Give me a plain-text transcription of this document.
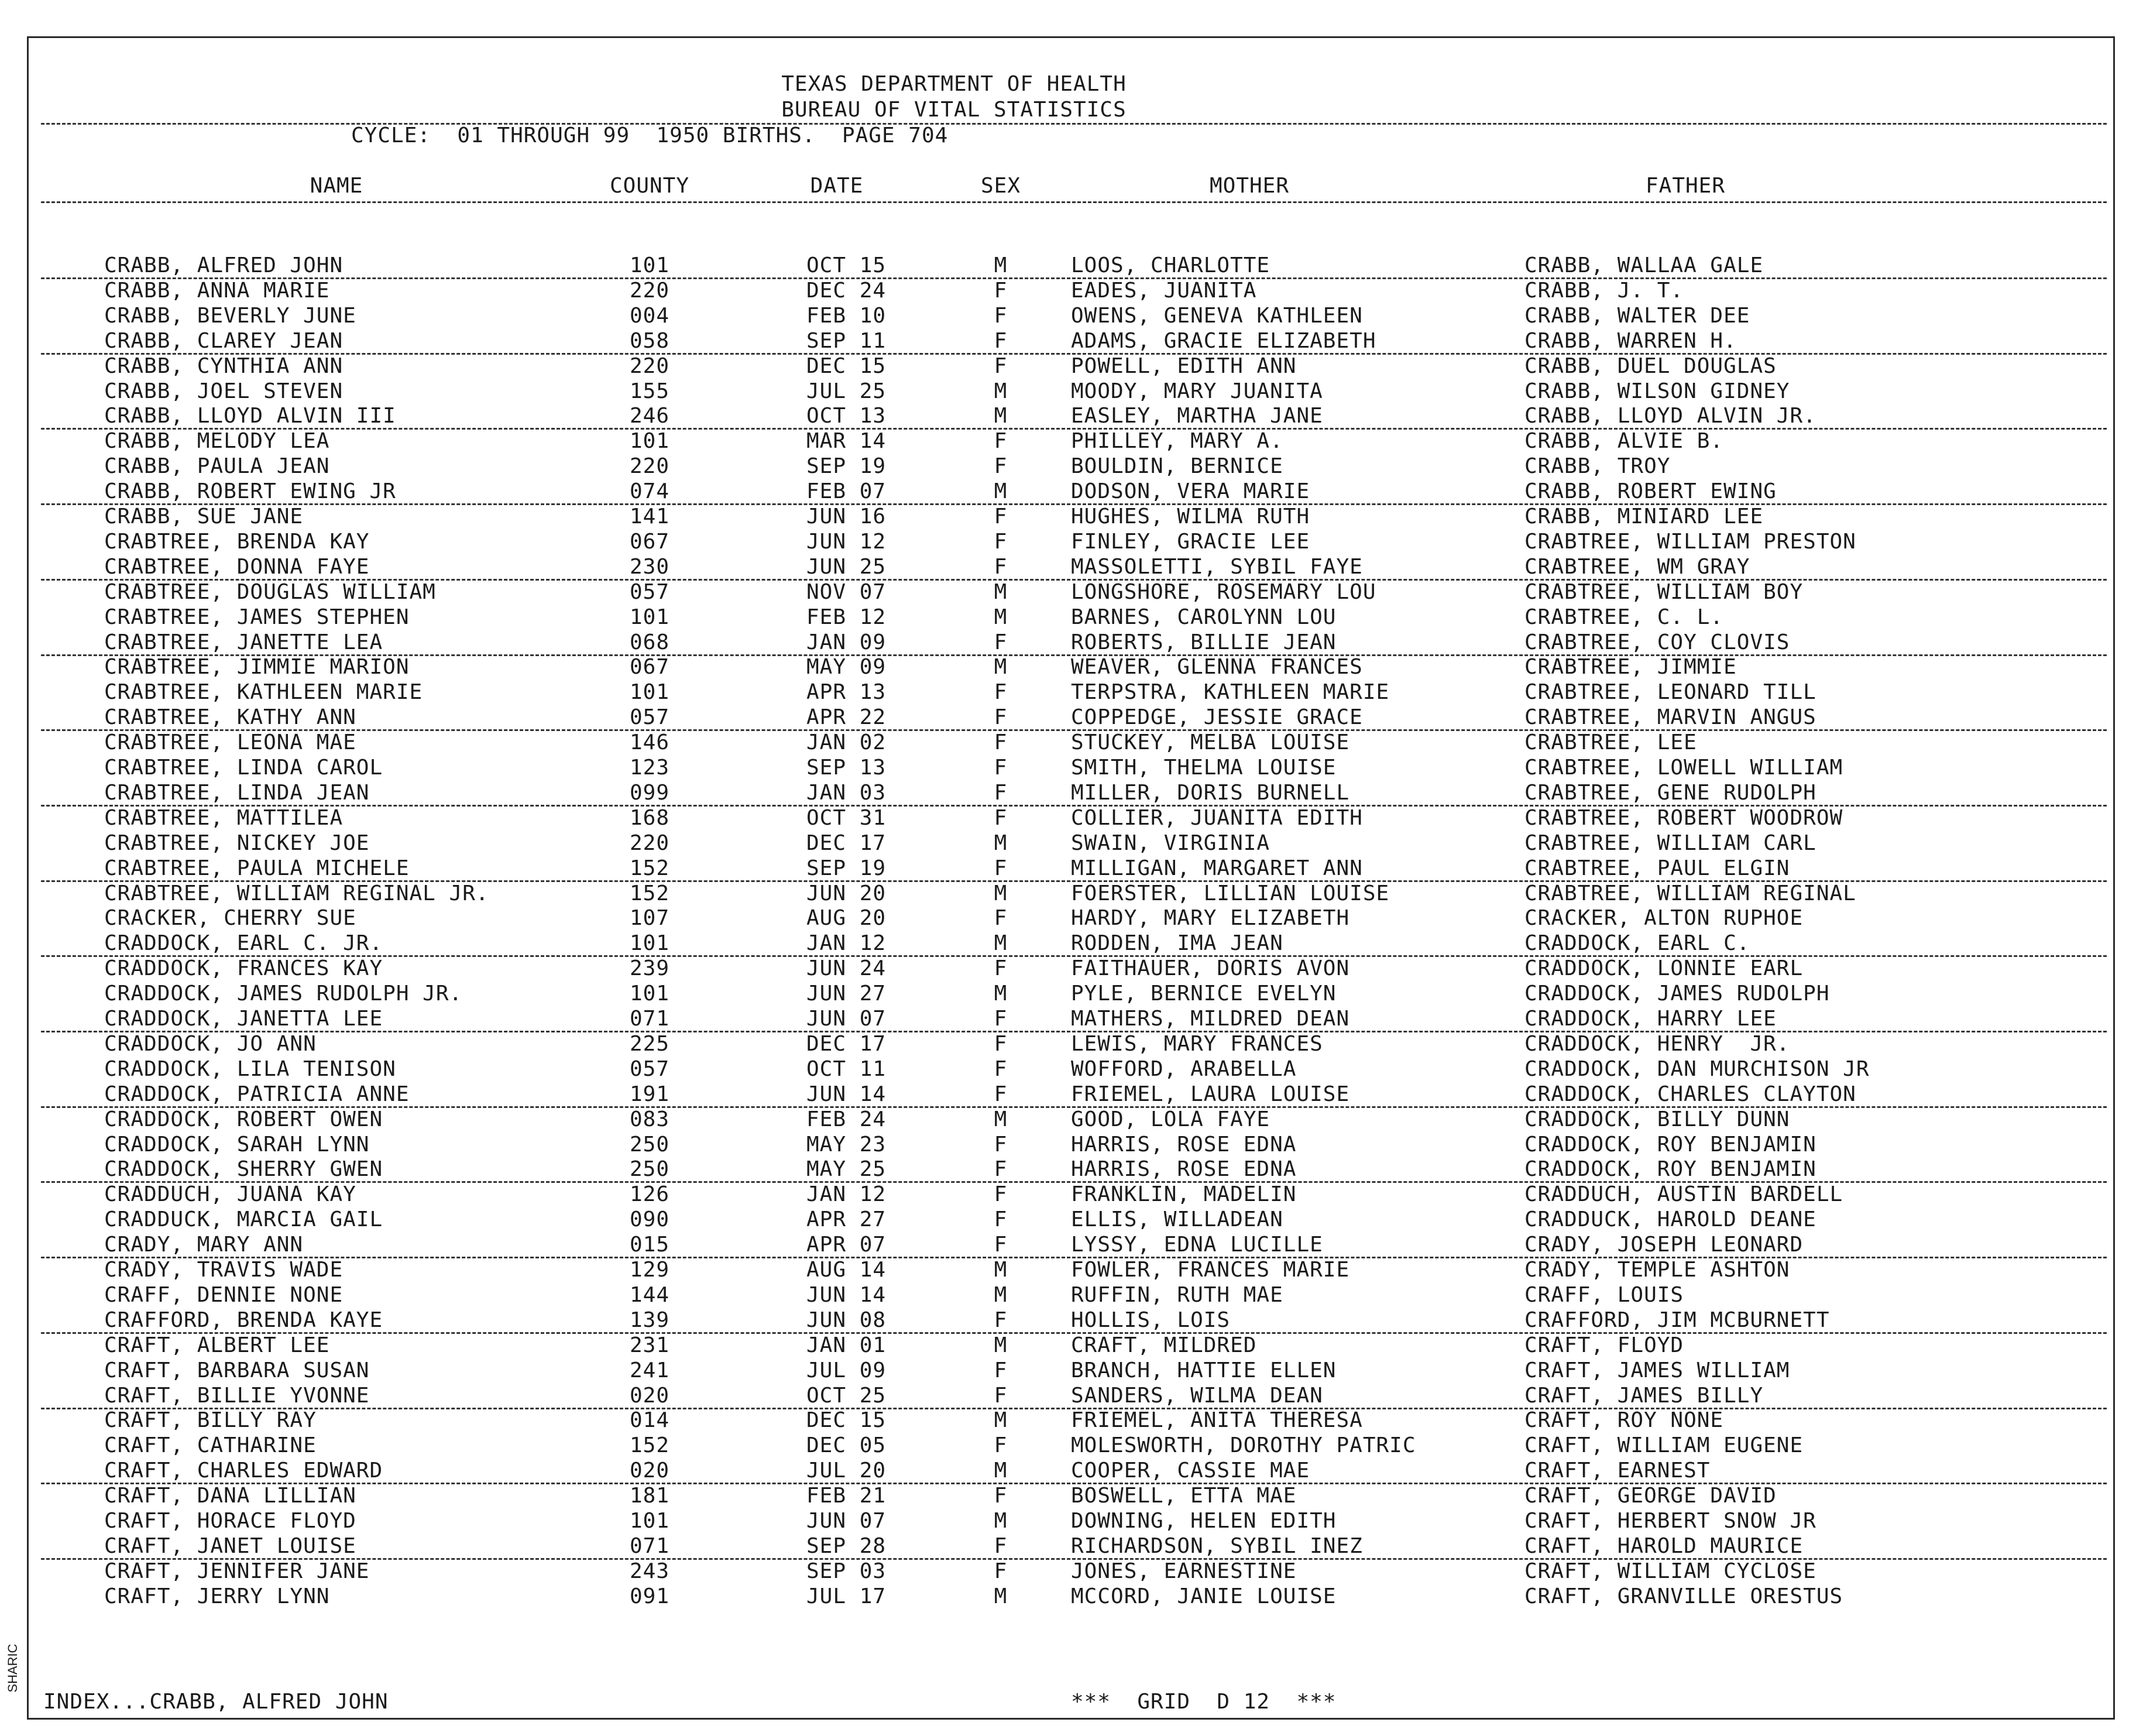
TEXAS DEPARTMENT OF HEALTH
BUREAU OF VITAL STATISTICS
CYCLE:  01 THROUGH 99  1950 BIRTHS.  PAGE 704
NAME	COUNTY	DATE	SEX	MOTHER	FATHER
CRABB, ALFRED JOHN	101	OCT 15	M	LOOS, CHARLOTTE	CRABB, WALLAA GALE
CRABB, ANNA MARIE	220	DEC 24	F	EADES, JUANITA	CRABB, J. T.
CRABB, BEVERLY JUNE	004	FEB 10	F	OWENS, GENEVA KATHLEEN	CRABB, WALTER DEE
CRABB, CLAREY JEAN	058	SEP 11	F	ADAMS, GRACIE ELIZABETH	CRABB, WARREN H.
CRABB, CYNTHIA ANN	220	DEC 15	F	POWELL, EDITH ANN	CRABB, DUEL DOUGLAS
CRABB, JOEL STEVEN	155	JUL 25	M	MOODY, MARY JUANITA	CRABB, WILSON GIDNEY
CRABB, LLOYD ALVIN III	246	OCT 13	M	EASLEY, MARTHA JANE	CRABB, LLOYD ALVIN JR.
CRABB, MELODY LEA	101	MAR 14	F	PHILLEY, MARY A.	CRABB, ALVIE B.
CRABB, PAULA JEAN	220	SEP 19	F	BOULDIN, BERNICE	CRABB, TROY
CRABB, ROBERT EWING JR	074	FEB 07	M	DODSON, VERA MARIE	CRABB, ROBERT EWING
CRABB, SUE JANE	141	JUN 16	F	HUGHES, WILMA RUTH	CRABB, MINIARD LEE
CRABTREE, BRENDA KAY	067	JUN 12	F	FINLEY, GRACIE LEE	CRABTREE, WILLIAM PRESTON
CRABTREE, DONNA FAYE	230	JUN 25	F	MASSOLETTI, SYBIL FAYE	CRABTREE, WM GRAY
CRABTREE, DOUGLAS WILLIAM	057	NOV 07	M	LONGSHORE, ROSEMARY LOU	CRABTREE, WILLIAM BOY
CRABTREE, JAMES STEPHEN	101	FEB 12	M	BARNES, CAROLYNN LOU	CRABTREE, C. L.
CRABTREE, JANETTE LEA	068	JAN 09	F	ROBERTS, BILLIE JEAN	CRABTREE, COY CLOVIS
CRABTREE, JIMMIE MARION	067	MAY 09	M	WEAVER, GLENNA FRANCES	CRABTREE, JIMMIE
CRABTREE, KATHLEEN MARIE	101	APR 13	F	TERPSTRA, KATHLEEN MARIE	CRABTREE, LEONARD TILL
CRABTREE, KATHY ANN	057	APR 22	F	COPPEDGE, JESSIE GRACE	CRABTREE, MARVIN ANGUS
CRABTREE, LEONA MAE	146	JAN 02	F	STUCKEY, MELBA LOUISE	CRABTREE, LEE
CRABTREE, LINDA CAROL	123	SEP 13	F	SMITH, THELMA LOUISE	CRABTREE, LOWELL WILLIAM
CRABTREE, LINDA JEAN	099	JAN 03	F	MILLER, DORIS BURNELL	CRABTREE, GENE RUDOLPH
CRABTREE, MATTILEA	168	OCT 31	F	COLLIER, JUANITA EDITH	CRABTREE, ROBERT WOODROW
CRABTREE, NICKEY JOE	220	DEC 17	M	SWAIN, VIRGINIA	CRABTREE, WILLIAM CARL
CRABTREE, PAULA MICHELE	152	SEP 19	F	MILLIGAN, MARGARET ANN	CRABTREE, PAUL ELGIN
CRABTREE, WILLIAM REGINAL JR.	152	JUN 20	M	FOERSTER, LILLIAN LOUISE	CRABTREE, WILLIAM REGINAL
CRACKER, CHERRY SUE	107	AUG 20	F	HARDY, MARY ELIZABETH	CRACKER, ALTON RUPHOE
CRADDOCK, EARL C. JR.	101	JAN 12	M	RODDEN, IMA JEAN	CRADDOCK, EARL C.
CRADDOCK, FRANCES KAY	239	JUN 24	F	FAITHAUER, DORIS AVON	CRADDOCK, LONNIE EARL
CRADDOCK, JAMES RUDOLPH JR.	101	JUN 27	M	PYLE, BERNICE EVELYN	CRADDOCK, JAMES RUDOLPH
CRADDOCK, JANETTA LEE	071	JUN 07	F	MATHERS, MILDRED DEAN	CRADDOCK, HARRY LEE
CRADDOCK, JO ANN	225	DEC 17	F	LEWIS, MARY FRANCES	CRADDOCK, HENRY  JR.
CRADDOCK, LILA TENISON	057	OCT 11	F	WOFFORD, ARABELLA	CRADDOCK, DAN MURCHISON JR
CRADDOCK, PATRICIA ANNE	191	JUN 14	F	FRIEMEL, LAURA LOUISE	CRADDOCK, CHARLES CLAYTON
CRADDOCK, ROBERT OWEN	083	FEB 24	M	GOOD, LOLA FAYE	CRADDOCK, BILLY DUNN
CRADDOCK, SARAH LYNN	250	MAY 23	F	HARRIS, ROSE EDNA	CRADDOCK, ROY BENJAMIN
CRADDOCK, SHERRY GWEN	250	MAY 25	F	HARRIS, ROSE EDNA	CRADDOCK, ROY BENJAMIN
CRADDUCH, JUANA KAY	126	JAN 12	F	FRANKLIN, MADELIN	CRADDUCH, AUSTIN BARDELL
CRADDUCK, MARCIA GAIL	090	APR 27	F	ELLIS, WILLADEAN	CRADDUCK, HAROLD DEANE
CRADY, MARY ANN	015	APR 07	F	LYSSY, EDNA LUCILLE	CRADY, JOSEPH LEONARD
CRADY, TRAVIS WADE	129	AUG 14	M	FOWLER, FRANCES MARIE	CRADY, TEMPLE ASHTON
CRAFF, DENNIE NONE	144	JUN 14	M	RUFFIN, RUTH MAE	CRAFF, LOUIS
CRAFFORD, BRENDA KAYE	139	JUN 08	F	HOLLIS, LOIS	CRAFFORD, JIM MCBURNETT
CRAFT, ALBERT LEE	231	JAN 01	M	CRAFT, MILDRED	CRAFT, FLOYD
CRAFT, BARBARA SUSAN	241	JUL 09	F	BRANCH, HATTIE ELLEN	CRAFT, JAMES WILLIAM
CRAFT, BILLIE YVONNE	020	OCT 25	F	SANDERS, WILMA DEAN	CRAFT, JAMES BILLY
CRAFT, BILLY RAY	014	DEC 15	M	FRIEMEL, ANITA THERESA	CRAFT, ROY NONE
CRAFT, CATHARINE	152	DEC 05	F	MOLESWORTH, DOROTHY PATRIC	CRAFT, WILLIAM EUGENE
CRAFT, CHARLES EDWARD	020	JUL 20	M	COOPER, CASSIE MAE	CRAFT, EARNEST
CRAFT, DANA LILLIAN	181	FEB 21	F	BOSWELL, ETTA MAE	CRAFT, GEORGE DAVID
CRAFT, HORACE FLOYD	101	JUN 07	M	DOWNING, HELEN EDITH	CRAFT, HERBERT SNOW JR
CRAFT, JANET LOUISE	071	SEP 28	F	RICHARDSON, SYBIL INEZ	CRAFT, HAROLD MAURICE
CRAFT, JENNIFER JANE	243	SEP 03	F	JONES, EARNESTINE	CRAFT, WILLIAM CYCLOSE
CRAFT, JERRY LYNN	091	JUL 17	M	MCCORD, JANIE LOUISE	CRAFT, GRANVILLE ORESTUS
INDEX...CRABB, ALFRED JOHN	***  GRID  D 12  ***
SHARIC
